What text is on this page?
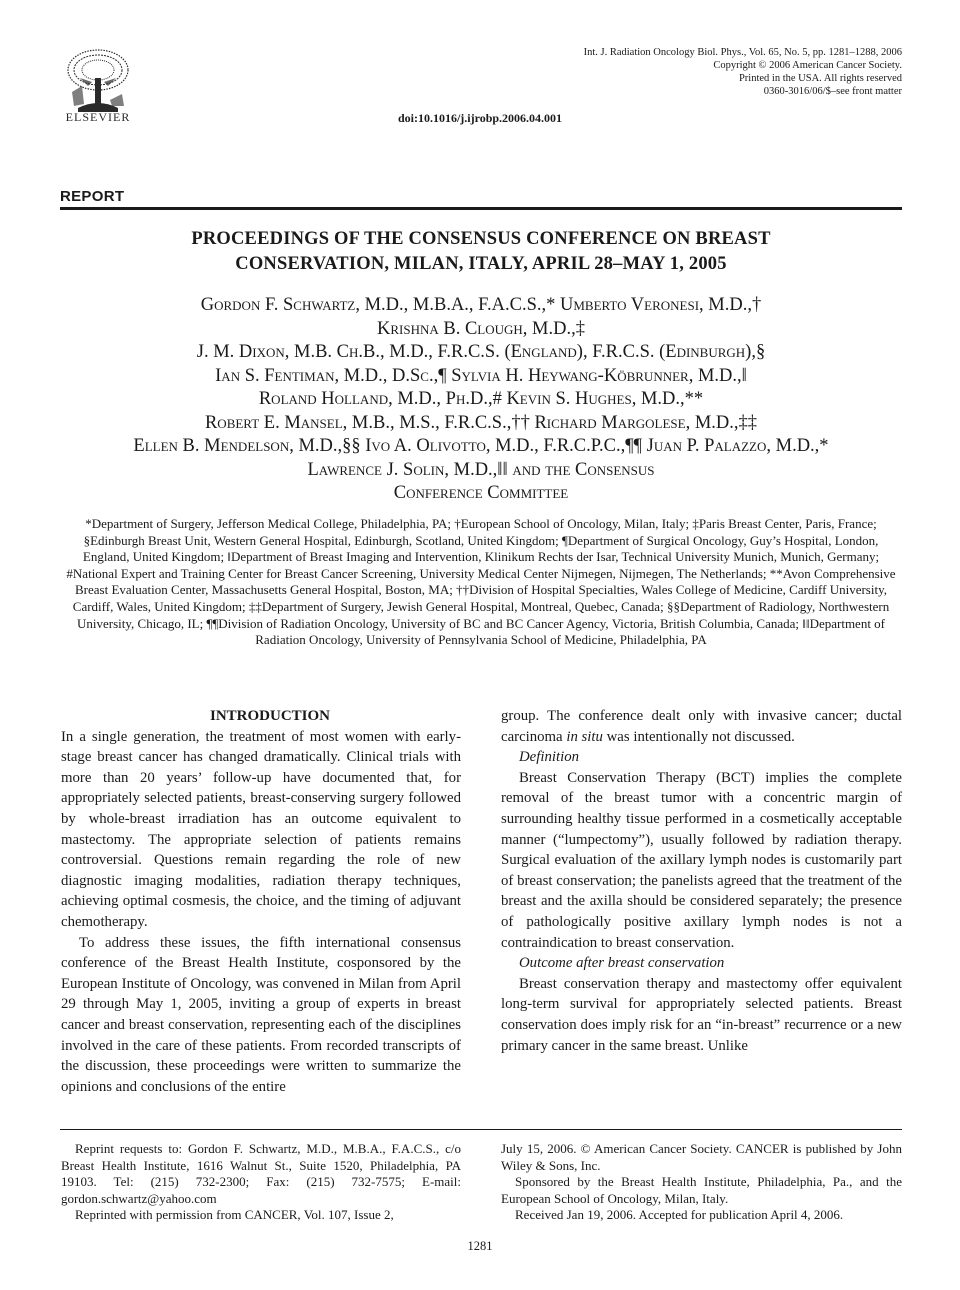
ELSEVIER
Int. J. Radiation Oncology Biol. Phys., Vol. 65, No. 5, pp. 1281–1288, 2006
Copyright © 2006 American Cancer Society.
Printed in the USA. All rights reserved
0360-3016/06/$–see front matter
doi:10.1016/j.ijrobp.2006.04.001
REPORT
PROCEEDINGS OF THE CONSENSUS CONFERENCE ON BREAST
CONSERVATION, MILAN, ITALY, APRIL 28–MAY 1, 2005
Gordon F. Schwartz, M.D., M.B.A., F.A.C.S.,* Umberto Veronesi, M.D.,†
Krishna B. Clough, M.D.,‡
J. M. Dixon, M.B. Ch.B., M.D., F.R.C.S. (England), F.R.C.S. (Edinburgh),§
Ian S. Fentiman, M.D., D.Sc.,¶ Sylvia H. Heywang-Köbrunner, M.D.,‖
Roland Holland, M.D., Ph.D.,# Kevin S. Hughes, M.D.,**
Robert E. Mansel, M.B., M.S., F.R.C.S.,†† Richard Margolese, M.D.,‡‡
Ellen B. Mendelson, M.D.,§§ Ivo A. Olivotto, M.D., F.R.C.P.C.,¶¶ Juan P. Palazzo, M.D.,*
Lawrence J. Solin, M.D.,‖‖ and the Consensus
Conference Committee
*Department of Surgery, Jefferson Medical College, Philadelphia, PA; †European School of Oncology, Milan, Italy; ‡Paris Breast Center, Paris, France; §Edinburgh Breast Unit, Western General Hospital, Edinburgh, Scotland, United Kingdom; ¶Department of Surgical Oncology, Guy’s Hospital, London, England, United Kingdom; ‖Department of Breast Imaging and Intervention, Klinikum Rechts der Isar, Technical University Munich, Munich, Germany; #National Expert and Training Center for Breast Cancer Screening, University Medical Center Nijmegen, Nijmegen, The Netherlands; **Avon Comprehensive Breast Evaluation Center, Massachusetts General Hospital, Boston, MA; ††Division of Hospital Specialties, Wales College of Medicine, Cardiff University, Cardiff, Wales, United Kingdom; ‡‡Department of Surgery, Jewish General Hospital, Montreal, Quebec, Canada; §§Department of Radiology, Northwestern University, Chicago, IL; ¶¶Division of Radiation Oncology, University of BC and BC Cancer Agency, Victoria, British Columbia, Canada; ‖‖Department of Radiation Oncology, University of Pennsylvania School of Medicine, Philadelphia, PA

INTRODUCTION

In a single generation, the treatment of most women with early-stage breast cancer has changed dramatically. Clinical trials with more than 20 years’ follow-up have documented that, for appropriately selected patients, breast-conserving surgery followed by whole-breast irradiation has an outcome equivalent to mastectomy. The appropriate selection of patients remains controversial. Questions remain regarding the role of new diagnostic imaging modalities, radiation therapy techniques, achieving optimal cosmesis, the choice, and the timing of adjuvant chemotherapy.

To address these issues, the fifth international consensus conference of the Breast Health Institute, cosponsored by the European Institute of Oncology, was convened in Milan from April 29 through May 1, 2005, inviting a group of experts in breast cancer and breast conservation, representing each of the disciplines involved in the care of these patients. From recorded transcripts of the discussion, these proceedings were written to summarize the opinions and conclusions of the entire

group. The conference dealt only with invasive cancer; ductal carcinoma in situ was intentionally not discussed.

Definition

Breast Conservation Therapy (BCT) implies the complete removal of the breast tumor with a concentric margin of surrounding healthy tissue performed in a cosmetically acceptable manner (“lumpectomy”), usually followed by radiation therapy. Surgical evaluation of the axillary lymph nodes is customarily part of breast conservation; the panelists agreed that the treatment of the breast and the axilla should be considered separately; the presence of pathologically positive axillary lymph nodes is not a contraindication to breast conservation.

Outcome after breast conservation

Breast conservation therapy and mastectomy offer equivalent long-term survival for appropriately selected patients. Breast conservation does imply risk for an “in-breast” recurrence or a new primary cancer in the same breast. Unlike

Reprint requests to: Gordon F. Schwartz, M.D., M.B.A., F.A.C.S., c/o Breast Health Institute, 1616 Walnut St., Suite 1520, Philadelphia, PA 19103. Tel: (215) 732-2300; Fax: (215) 732-7575; E-mail: gordon.schwartz@yahoo.com

Reprinted with permission from CANCER, Vol. 107, Issue 2,

July 15, 2006. © American Cancer Society. CANCER is published by John Wiley & Sons, Inc.

Sponsored by the Breast Health Institute, Philadelphia, Pa., and the European School of Oncology, Milan, Italy.

Received Jan 19, 2006. Accepted for publication April 4, 2006.

1281
